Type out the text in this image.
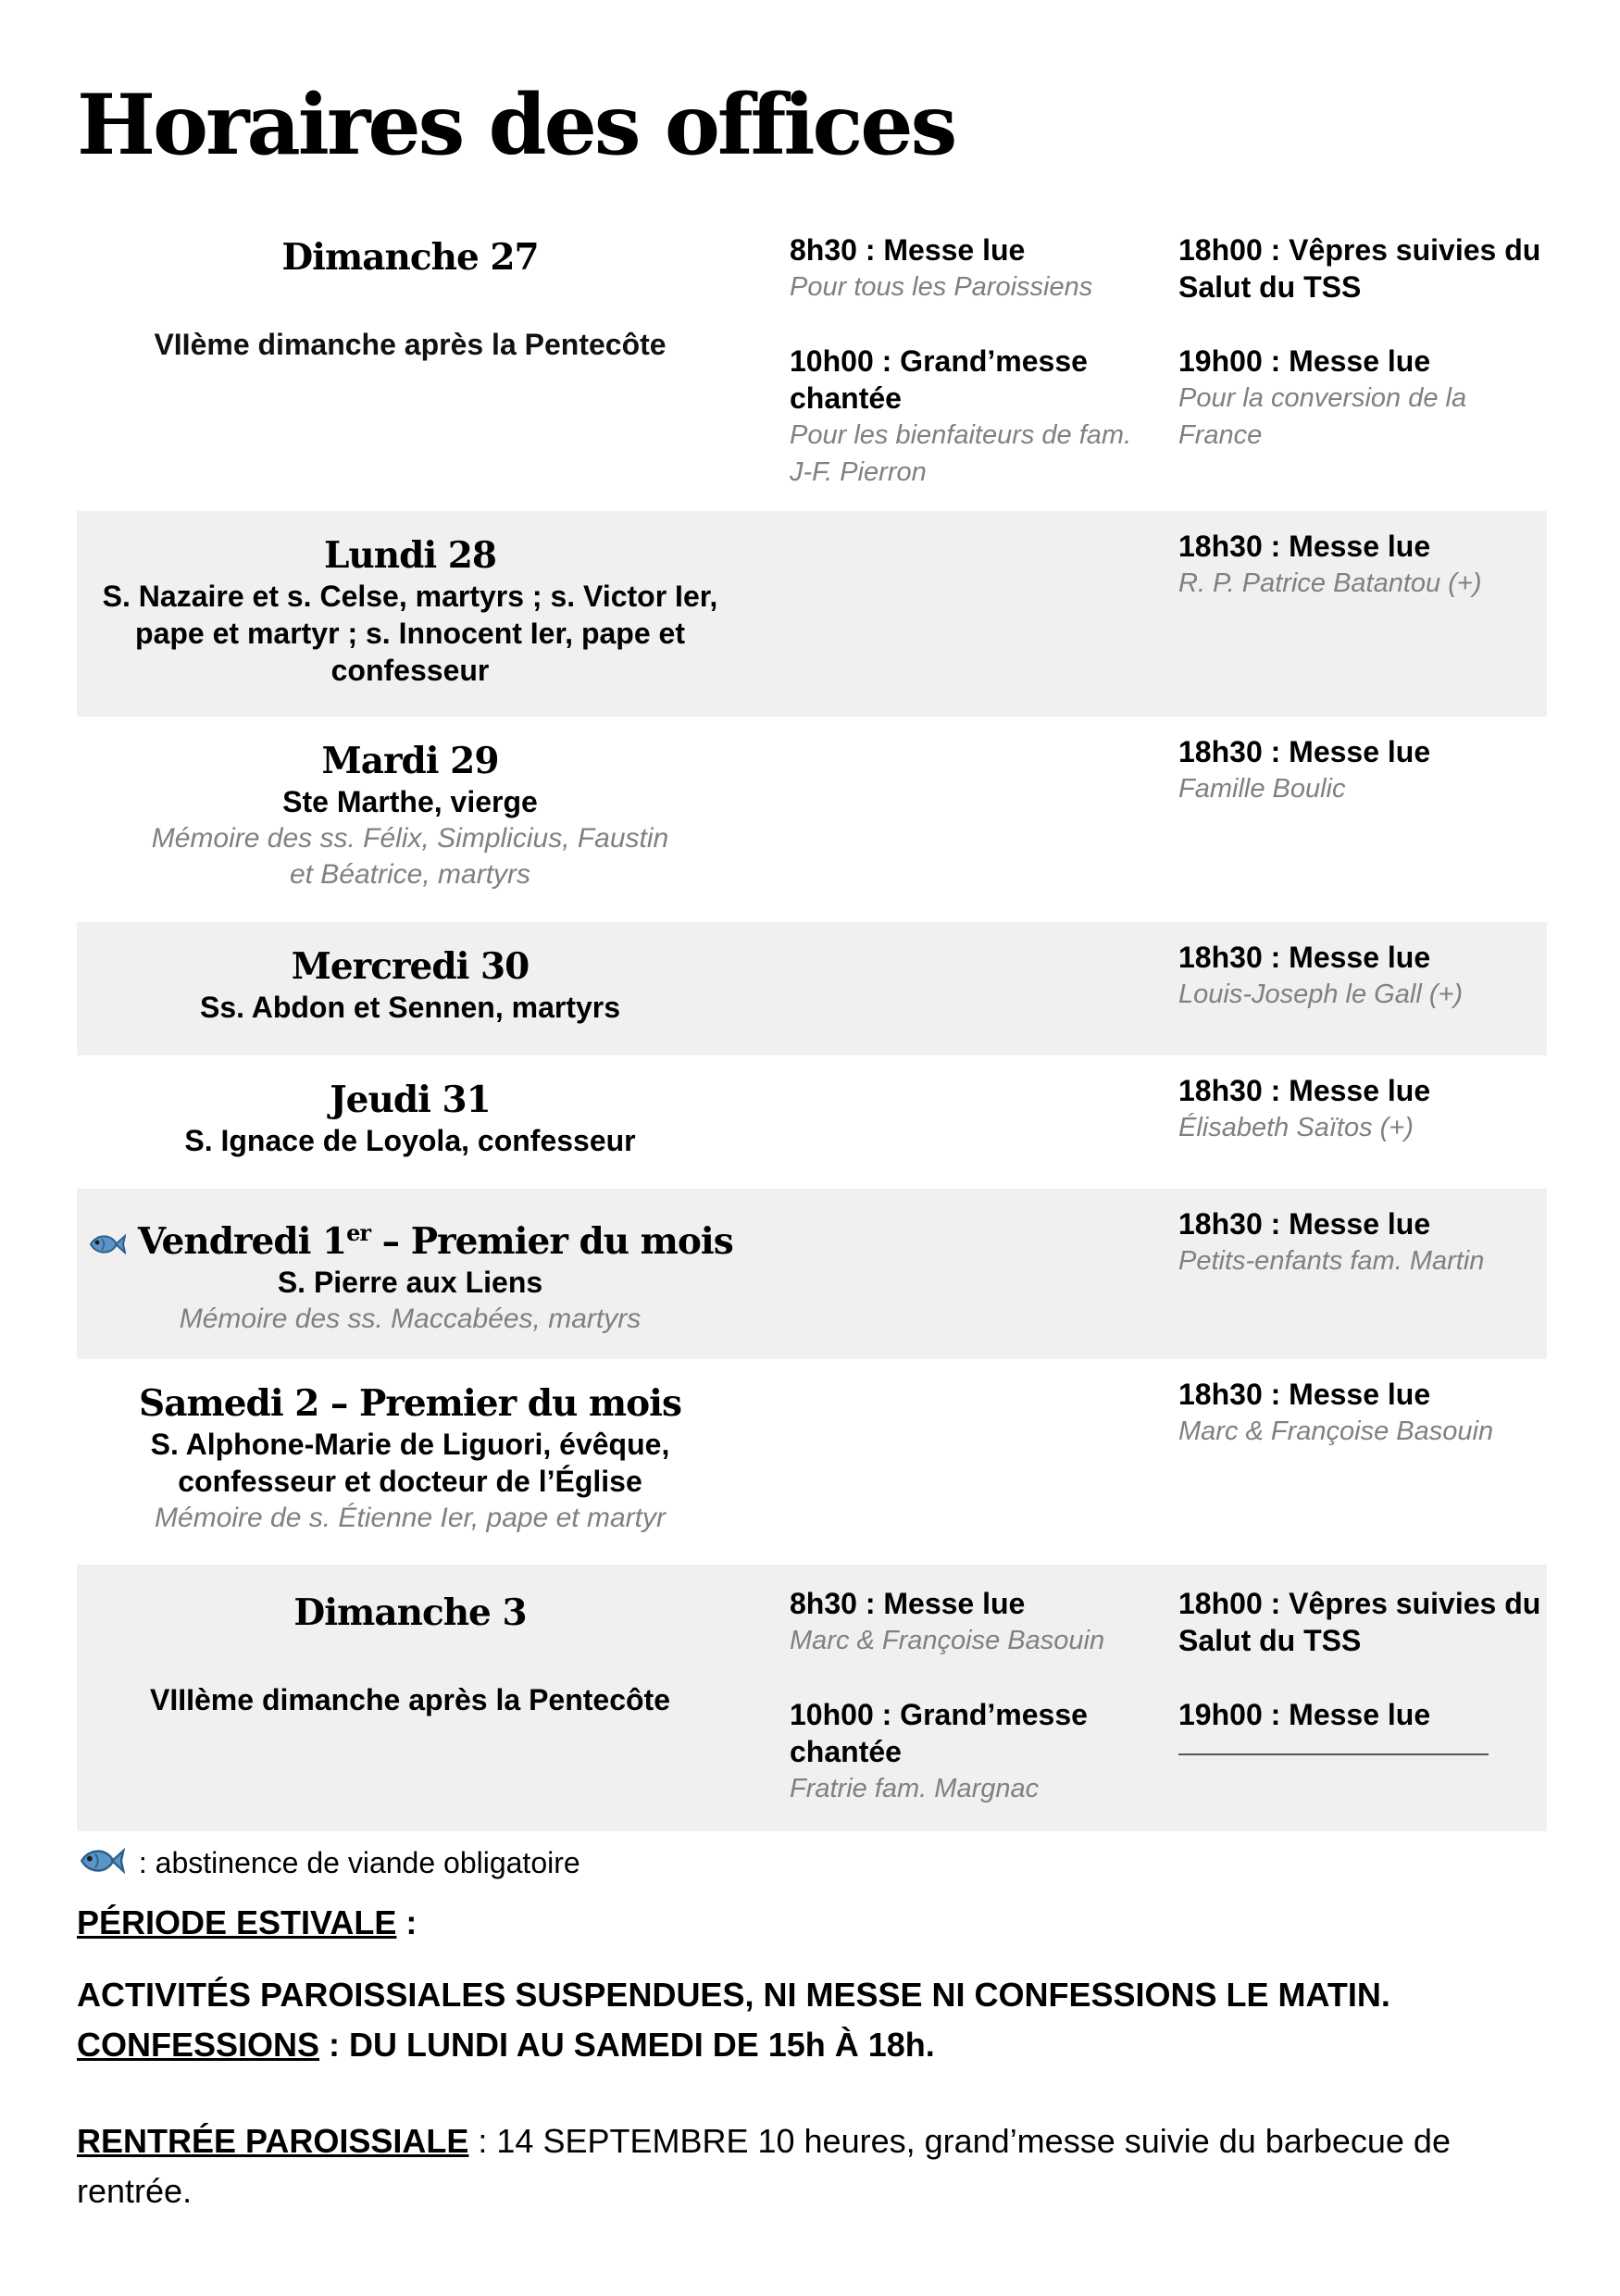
Horaires des offices
Dimanche 27
VIIème dimanche après la Pentecôte
8h30 : Messe lue
Pour tous les Paroissiens
10h00 : Grand’messe chantée
Pour les bienfaiteurs de fam. J-F. Pierron
18h00 : Vêpres suivies du Salut du TSS
19h00 : Messe lue
Pour la conversion de la France
Lundi 28
S. Nazaire et s. Celse, martyrs ; s. Victor Ier, pape et martyr ; s. Innocent Ier, pape et confesseur
18h30 : Messe lue
R. P. Patrice Batantou (+)
Mardi 29
Ste Marthe, vierge
Mémoire des ss. Félix, Simplicius, Faustin et Béatrice, martyrs
18h30 : Messe lue
Famille Boulic
Mercredi 30
Ss. Abdon et Sennen, martyrs
18h30 : Messe lue
Louis-Joseph le Gall (+)
Jeudi 31
S. Ignace de Loyola, confesseur
18h30 : Messe lue
Élisabeth Saïtos (+)
Vendredi 1er – Premier du mois
S. Pierre aux Liens
Mémoire des ss. Maccabées, martyrs
18h30 : Messe lue
Petits-enfants fam. Martin
Samedi 2 – Premier du mois
S. Alphone-Marie de Liguori, évêque, confesseur et docteur de l’Église
Mémoire de s. Étienne Ier, pape et martyr
18h30 : Messe lue
Marc & Françoise Basouin
Dimanche 3
VIIIème dimanche après la Pentecôte
8h30 : Messe lue
Marc & Françoise Basouin
10h00 : Grand’messe chantée
Fratrie fam. Margnac
18h00 : Vêpres suivies du Salut du TSS
19h00 : Messe lue
: abstinence de viande obligatoire

PÉRIODE ESTIVALE :

ACTIVITÉS PAROISSIALES SUSPENDUES, NI MESSE NI CONFESSIONS LE MATIN.

CONFESSIONS : DU LUNDI AU SAMEDI DE 15h À 18h.

RENTRÉE PAROISSIALE : 14 SEPTEMBRE 10 heures, grand’messe suivie du barbecue de rentrée.
